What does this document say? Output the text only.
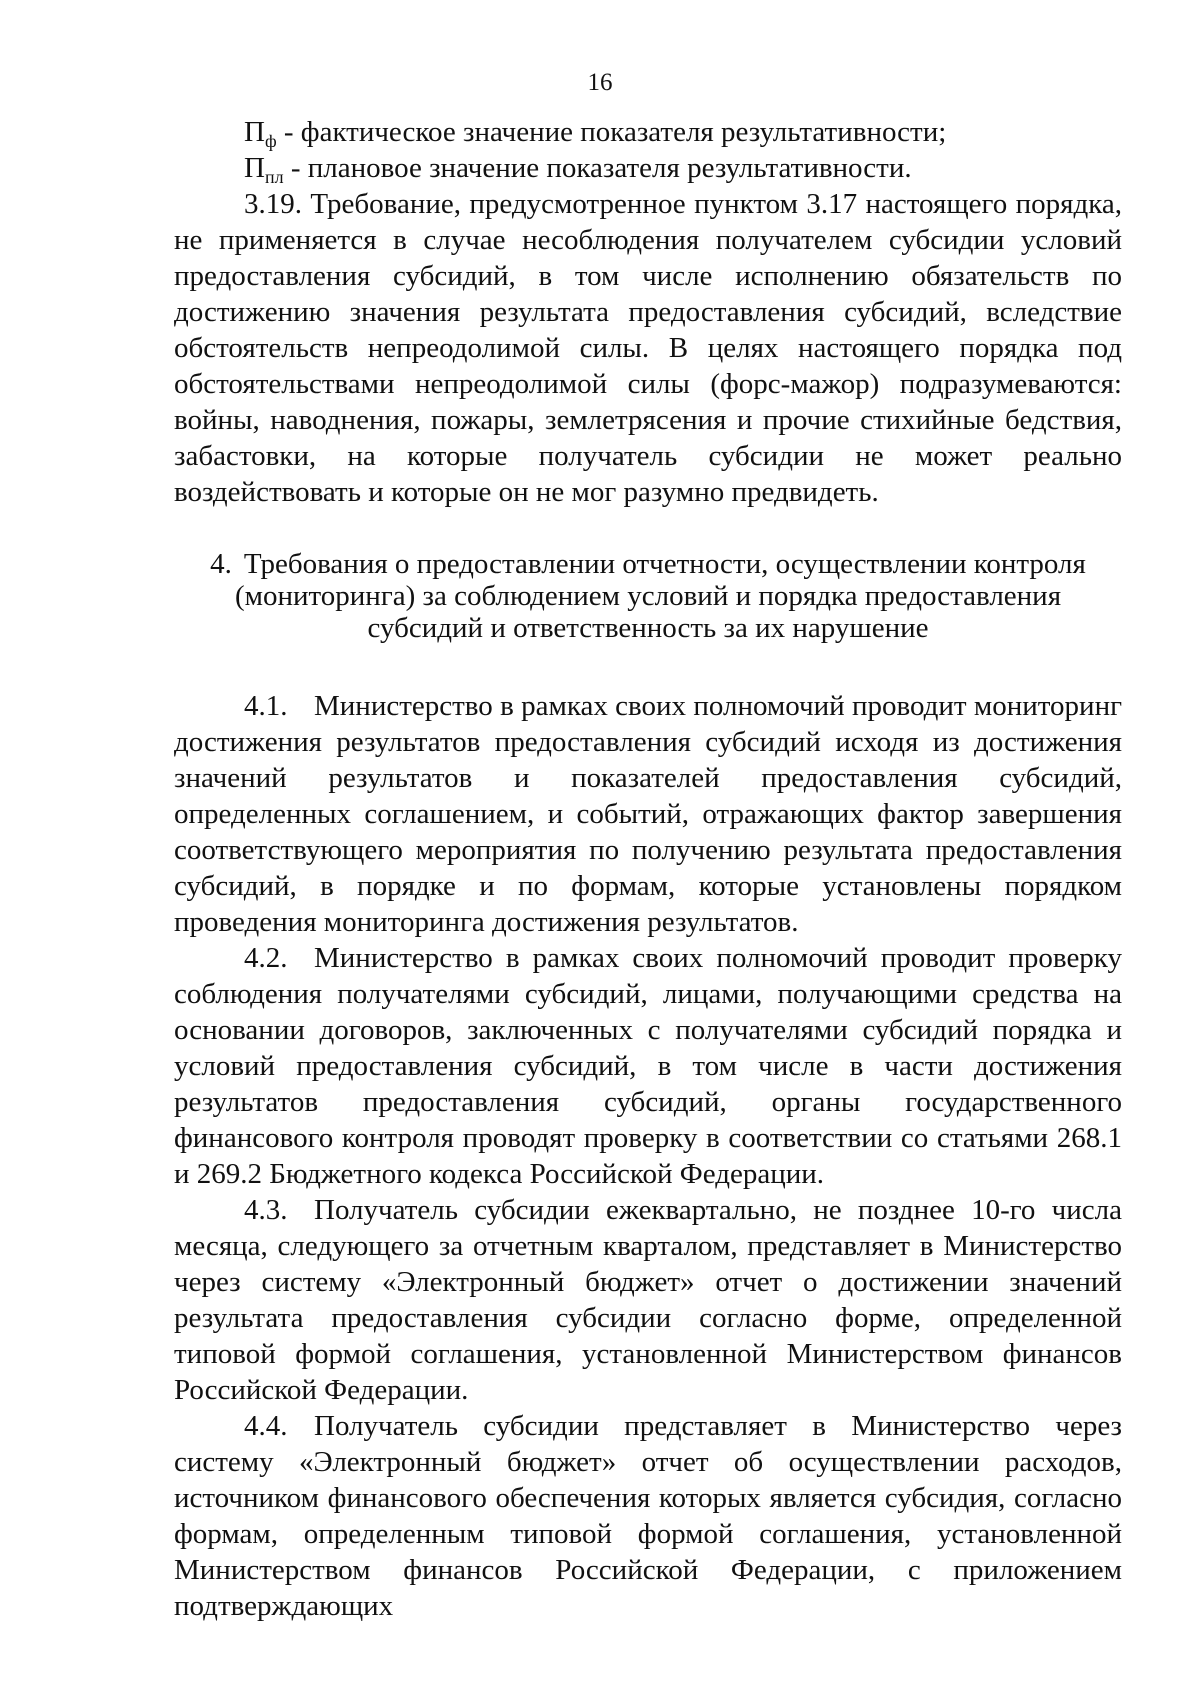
16

$П_ф$ - фактическое значение показателя результативности;

$П_{пл}$ - плановое значение показателя результативности.

3.19. Требование, предусмотренное пунктом 3.17 настоящего порядка, не применяется в случае несоблюдения получателем субсидии условий предоставления субсидий, в том числе исполнению обязательств по достижению значения результата предоставления субсидий, вследствие обстоятельств непреодолимой силы. В целях настоящего порядка под обстоятельствами непреодолимой силы (форс-мажор) подразумеваются: войны, наводнения, пожары, землетрясения и прочие стихийные бедствия, забастовки, на которые получатель субсидии не может реально воздействовать и которые он не мог разумно предвидеть.

4. Требования о предоставлении отчетности, осуществлении контроля (мониторинга) за соблюдением условий и порядка предоставления субсидий и ответственность за их нарушение

4.1. Министерство в рамках своих полномочий проводит мониторинг достижения результатов предоставления субсидий исходя из достижения значений результатов и показателей предоставления субсидий, определенных соглашением, и событий, отражающих фактор завершения соответствующего мероприятия по получению результата предоставления субсидий, в порядке и по формам, которые установлены порядком проведения мониторинга достижения результатов.

4.2. Министерство в рамках своих полномочий проводит проверку соблюдения получателями субсидий, лицами, получающими средства на основании договоров, заключенных с получателями субсидий порядка и условий предоставления субсидий, в том числе в части достижения результатов предоставления субсидий, органы государственного финансового контроля проводят проверку в соответствии со статьями 268.1 и 269.2 Бюджетного кодекса Российской Федерации.

4.3. Получатель субсидии ежеквартально, не позднее 10-го числа месяца, следующего за отчетным кварталом, представляет в Министерство через систему «Электронный бюджет» отчет о достижении значений результата предоставления субсидии согласно форме, определенной типовой формой соглашения, установленной Министерством финансов Российской Федерации.

4.4. Получатель субсидии представляет в Министерство через систему «Электронный бюджет» отчет об осуществлении расходов, источником финансового обеспечения которых является субсидия, согласно формам, определенным типовой формой соглашения, установленной Министерством финансов Российской Федерации, с приложением подтверждающих
